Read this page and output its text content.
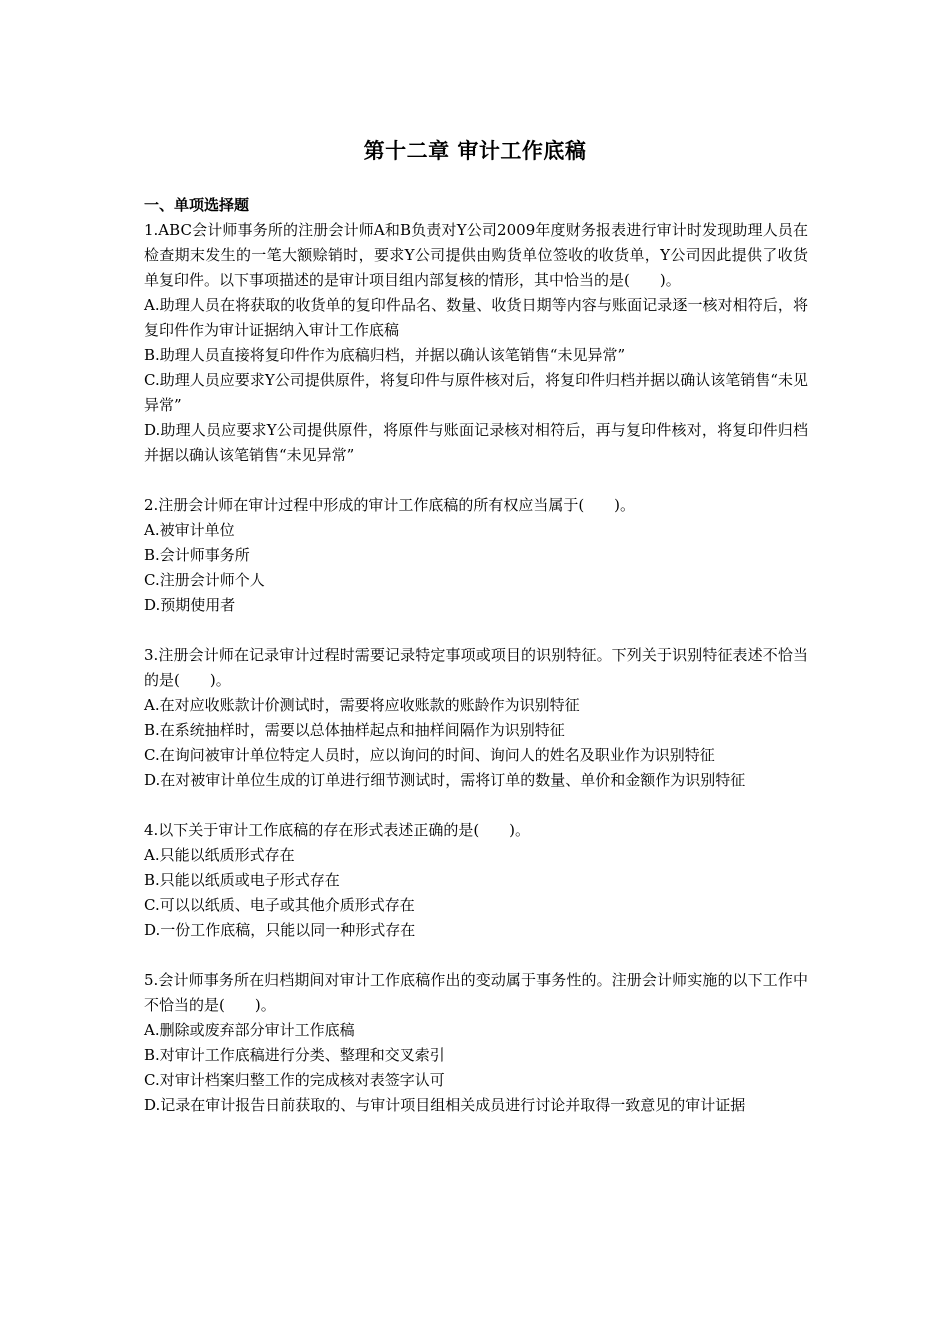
第十二章 审计工作底稿
一、单项选择题

1.ABC会计师事务所的注册会计师A和B负责对Y公司2009年度财务报表进行审计时发现助理人员在检查期末发生的一笔大额赊销时，要求Y公司提供由购货单位签收的收货单，Y公司因此提供了收货单复印件。以下事项描述的是审计项目组内部复核的情形，其中恰当的是(　　)。

A.助理人员在将获取的收货单的复印件品名、数量、收货日期等内容与账面记录逐一核对相符后，将复印件作为审计证据纳入审计工作底稿

B.助理人员直接将复印件作为底稿归档，并据以确认该笔销售“未见异常”

C.助理人员应要求Y公司提供原件，将复印件与原件核对后，将复印件归档并据以确认该笔销售“未见异常”

D.助理人员应要求Y公司提供原件，将原件与账面记录核对相符后，再与复印件核对，将复印件归档并据以确认该笔销售“未见异常”

2.注册会计师在审计过程中形成的审计工作底稿的所有权应当属于(　　)。

A.被审计单位

B.会计师事务所

C.注册会计师个人

D.预期使用者

3.注册会计师在记录审计过程时需要记录特定事项或项目的识别特征。下列关于识别特征表述不恰当的是(　　)。

A.在对应收账款计价测试时，需要将应收账款的账龄作为识别特征

B.在系统抽样时，需要以总体抽样起点和抽样间隔作为识别特征

C.在询问被审计单位特定人员时，应以询问的时间、询问人的姓名及职业作为识别特征

D.在对被审计单位生成的订单进行细节测试时，需将订单的数量、单价和金额作为识别特征

4.以下关于审计工作底稿的存在形式表述正确的是(　　)。

A.只能以纸质形式存在

B.只能以纸质或电子形式存在

C.可以以纸质、电子或其他介质形式存在

D.一份工作底稿，只能以同一种形式存在

5.会计师事务所在归档期间对审计工作底稿作出的变动属于事务性的。注册会计师实施的以下工作中不恰当的是(　　)。

A.删除或废弃部分审计工作底稿

B.对审计工作底稿进行分类、整理和交叉索引

C.对审计档案归整工作的完成核对表签字认可

D.记录在审计报告日前获取的、与审计项目组相关成员进行讨论并取得一致意见的审计证据
